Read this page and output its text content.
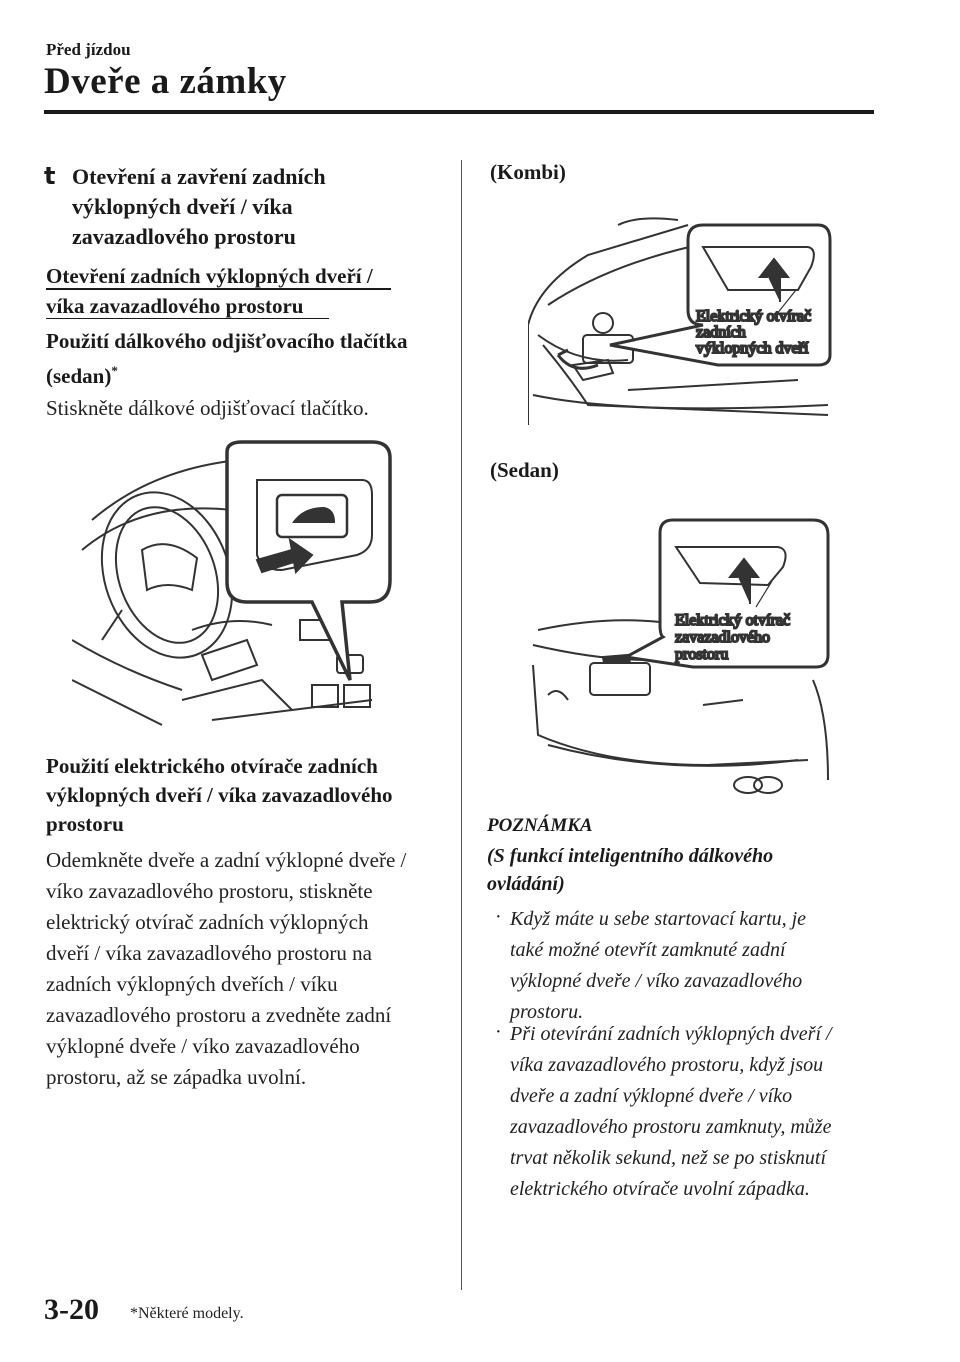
Před jízdou
Dveře a zámky
t Otevření a zavření zadních
výklopných dveří / víka
zavazadlového prostoru
Otevření zadních výklopných dveří /
víka zavazadlového prostoru
Použití dálkového odjišťovacího tlačítka
(sedan)*
Stiskněte dálkové odjišťovací tlačítko.
Použití elektrického otvírače zadních
výklopných dveří / víka zavazadlového
prostoru
Odemkněte dveře a zadní výklopné dveře /
víko zavazadlového prostoru, stiskněte
elektrický otvírač zadních výklopných
dveří / víka zavazadlového prostoru na
zadních výklopných dveřích / víku
zavazadlového prostoru a zvedněte zadní
výklopné dveře / víko zavazadlového
prostoru, až se západka uvolní.
(Kombi)
Elektrický otvírač
zadních
výklopných dveří
(Sedan)
Elektrický otvírač
zavazadlového
prostoru
POZNÁMKA
(S funkcí inteligentního dálkového
ovládání)
· Když máte u sebe startovací kartu, je
také možné otevřít zamknuté zadní
výklopné dveře / víko zavazadlového
prostoru.
· Při otevírání zadních výklopných dveří /
víka zavazadlového prostoru, když jsou
dveře a zadní výklopné dveře / víko
zavazadlového prostoru zamknuty, může
trvat několik sekund, než se po stisknutí
elektrického otvírače uvolní západka.
3-20 *Některé modely.
